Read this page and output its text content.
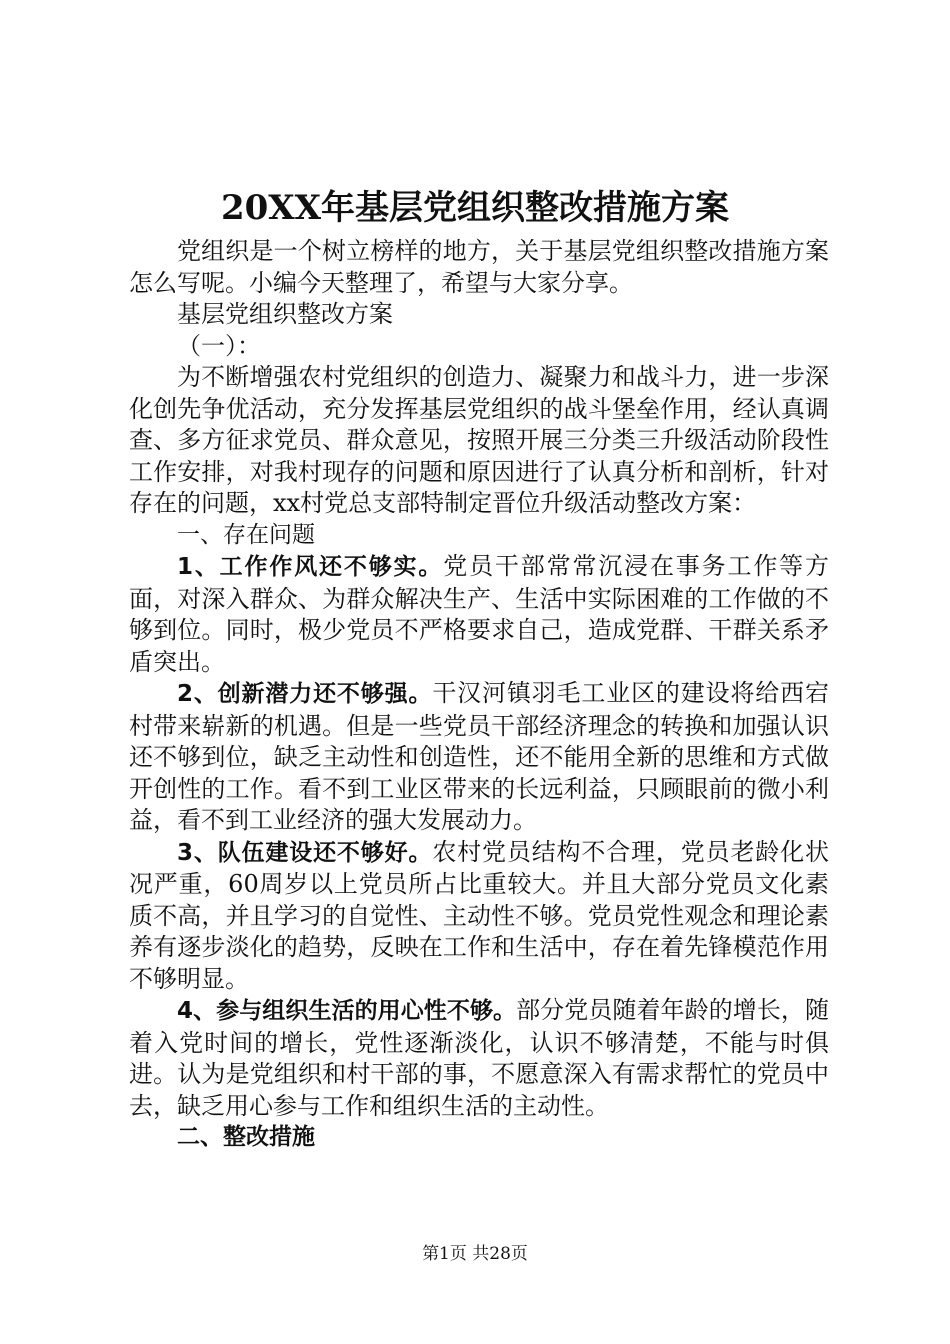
20XX年基层党组织整改措施方案

党组织是一个树立榜样的地方，关于基层党组织整改措施方案怎么写呢。小编今天整理了，希望与大家分享。

基层党组织整改方案

（一）：

为不断增强农村党组织的创造力、凝聚力和战斗力，进一步深化创先争优活动，充分发挥基层党组织的战斗堡垒作用，经认真调查、多方征求党员、群众意见，按照开展三分类三升级活动阶段性工作安排，对我村现存的问题和原因进行了认真分析和剖析，针对存在的问题，xx村党总支部特制定晋位升级活动整改方案：

一、存在问题

1、工作作风还不够实。党员干部常常沉浸在事务工作等方面，对深入群众、为群众解决生产、生活中实际困难的工作做的不够到位。同时，极少党员不严格要求自己，造成党群、干群关系矛盾突出。

2、创新潜力还不够强。干汉河镇羽毛工业区的建设将给西宕村带来崭新的机遇。但是一些党员干部经济理念的转换和加强认识还不够到位，缺乏主动性和创造性，还不能用全新的思维和方式做开创性的工作。看不到工业区带来的长远利益，只顾眼前的微小利益，看不到工业经济的强大发展动力。

3、队伍建设还不够好。农村党员结构不合理，党员老龄化状况严重，60周岁以上党员所占比重较大。并且大部分党员文化素质不高，并且学习的自觉性、主动性不够。党员党性观念和理论素养有逐步淡化的趋势，反映在工作和生活中，存在着先锋模范作用不够明显。

4、参与组织生活的用心性不够。部分党员随着年龄的增长，随着入党时间的增长，党性逐渐淡化，认识不够清楚，不能与时俱进。认为是党组织和村干部的事，不愿意深入有需求帮忙的党员中去，缺乏用心参与工作和组织生活的主动性。

二、整改措施

第1页 共28页
